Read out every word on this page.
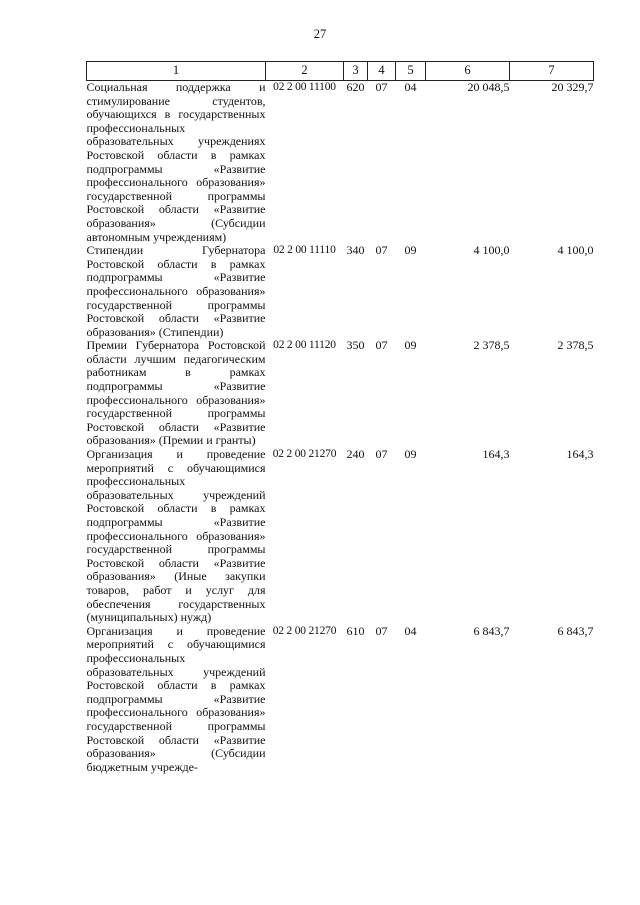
27
1	2	3	4	5	6	7
Социальная поддержка и стимулирование студентов, обучающихся в государственных профессиональных образовательных учреждениях Ростовской области в рамках подпрограммы «Развитие профессионального образования» государственной программы Ростовской области «Развитие образования» (Субсидии автономным учреждениям)	02 2 00 11100	620	07	04	20 048,5	20 329,7
Стипендии Губернатора Ростовской области в рамках подпрограммы «Развитие профессионального образования» государственной программы Ростовской области «Развитие образования» (Стипендии)	02 2 00 11110	340	07	09	4 100,0	4 100,0
Премии Губернатора Ростовской области лучшим педагогическим работникам в рамках подпрограммы «Развитие профессионального образования» государственной программы Ростовской области «Развитие образования» (Премии и гранты)	02 2 00 11120	350	07	09	2 378,5	2 378,5
Организация и проведение мероприятий с обучающимися профессиональных образовательных учреждений Ростовской области в рамках подпрограммы «Развитие профессионального образования» государственной программы Ростовской области «Развитие образования» (Иные закупки товаров, работ и услуг для обеспечения государственных (муниципальных) нужд)	02 2 00 21270	240	07	09	164,3	164,3
Организация и проведение мероприятий с обучающимися профессиональных образовательных учреждений Ростовской области в рамках подпрограммы «Развитие профессионального образования» государственной программы Ростовской области «Развитие образования» (Субсидии бюджетным учрежде-	02 2 00 21270	610	07	04	6 843,7	6 843,7
